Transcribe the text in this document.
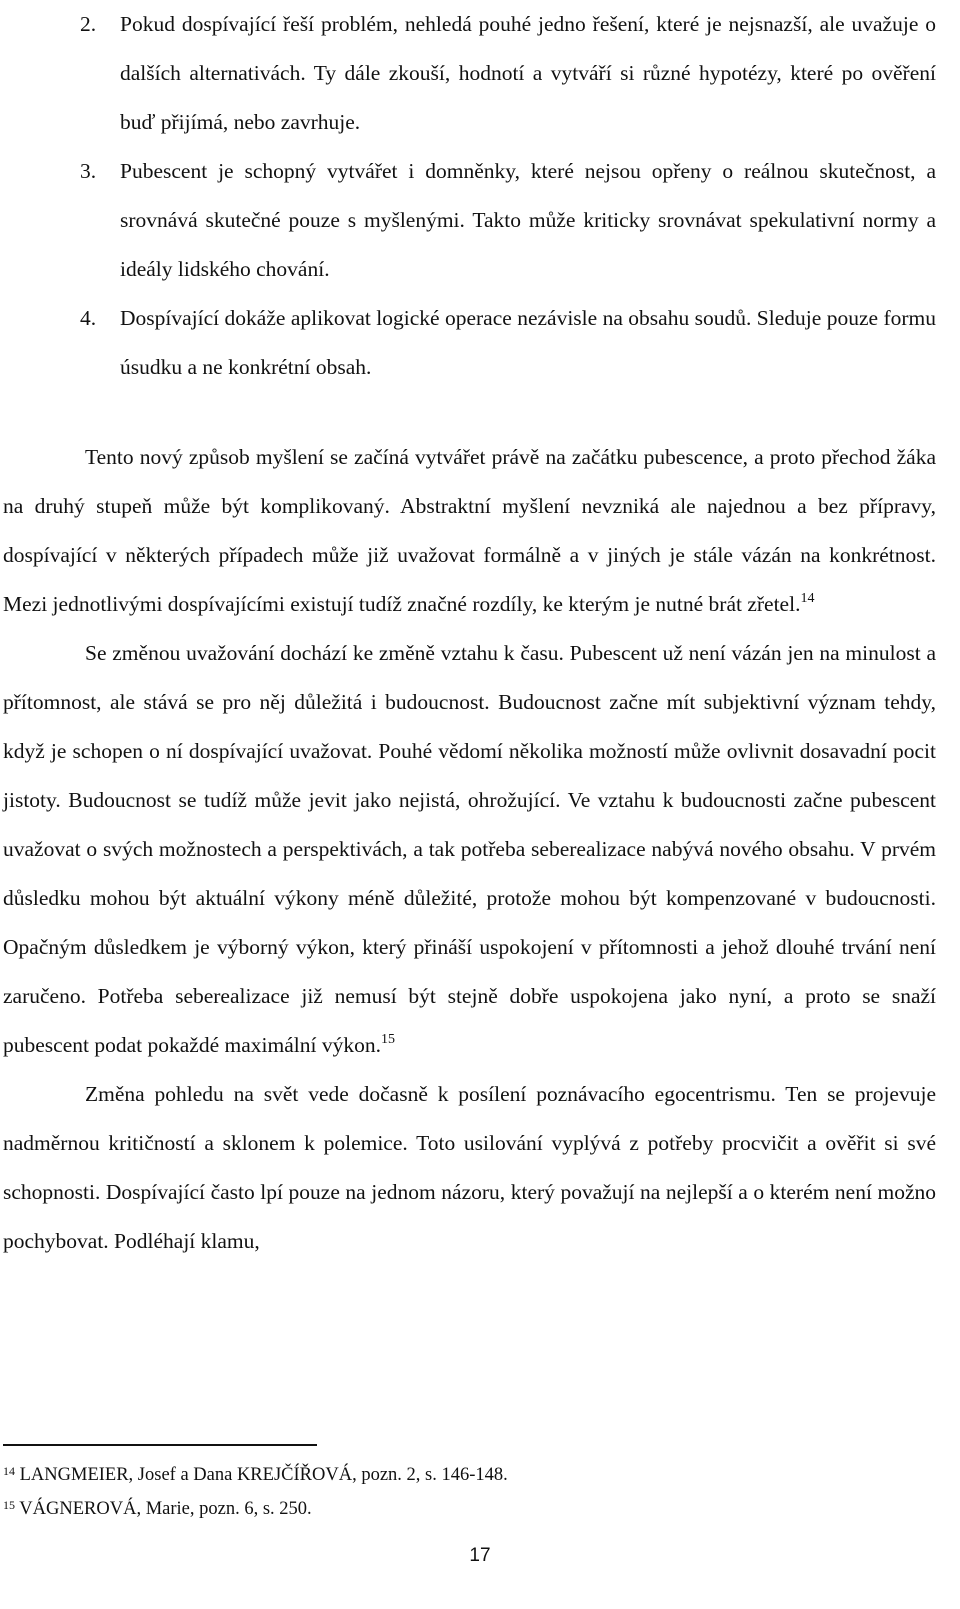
2. Pokud dospívající řeší problém, nehledá pouhé jedno řešení, které je nejsnazší, ale uvažuje o dalších alternativách. Ty dále zkouší, hodnotí a vytváří si různé hypotézy, které po ověření buď přijímá, nebo zavrhuje.
3. Pubescent je schopný vytvářet i domněnky, které nejsou opřeny o reálnou skutečnost, a srovnává skutečné pouze s myšlenými. Takto může kriticky srovnávat spekulativní normy a ideály lidského chování.
4. Dospívající dokáže aplikovat logické operace nezávisle na obsahu soudů. Sleduje pouze formu úsudku a ne konkrétní obsah.

Tento nový způsob myšlení se začíná vytvářet právě na začátku pubescence, a proto přechod žáka na druhý stupeň může být komplikovaný. Abstraktní myšlení nevzniká ale najednou a bez přípravy, dospívající v některých případech může již uvažovat formálně a v jiných je stále vázán na konkrétnost. Mezi jednotlivými dospívajícími existují tudíž značné rozdíly, ke kterým je nutné brát zřetel.$^{14}$

Se změnou uvažování dochází ke změně vztahu k času. Pubescent už není vázán jen na minulost a přítomnost, ale stává se pro něj důležitá i budoucnost. Budoucnost začne mít subjektivní význam tehdy, když je schopen o ní dospívající uvažovat. Pouhé vědomí několika možností může ovlivnit dosavadní pocit jistoty. Budoucnost se tudíž může jevit jako nejistá, ohrožující. Ve vztahu k budoucnosti začne pubescent uvažovat o svých možnostech a perspektivách, a tak potřeba seberealizace nabývá nového obsahu. V prvém důsledku mohou být aktuální výkony méně důležité, protože mohou být kompenzované v budoucnosti. Opačným důsledkem je výborný výkon, který přináší uspokojení v přítomnosti a jehož dlouhé trvání není zaručeno. Potřeba seberealizace již nemusí být stejně dobře uspokojena jako nyní, a proto se snaží pubescent podat pokaždé maximální výkon.$^{15}$

Změna pohledu na svět vede dočasně k posílení poznávacího egocentrismu. Ten se projevuje nadměrnou kritičností a sklonem k polemice. Toto usilování vyplývá z potřeby procvičit a ověřit si své schopnosti. Dospívající často lpí pouze na jednom názoru, který považují na nejlepší a o kterém není možno pochybovat. Podléhají klamu,

$^{14}$ LANGMEIER, Josef a Dana KREJČÍŘOVÁ, pozn. 2, s. 146-148.
$^{15}$ VÁGNEROVÁ, Marie, pozn. 6, s. 250.
17
